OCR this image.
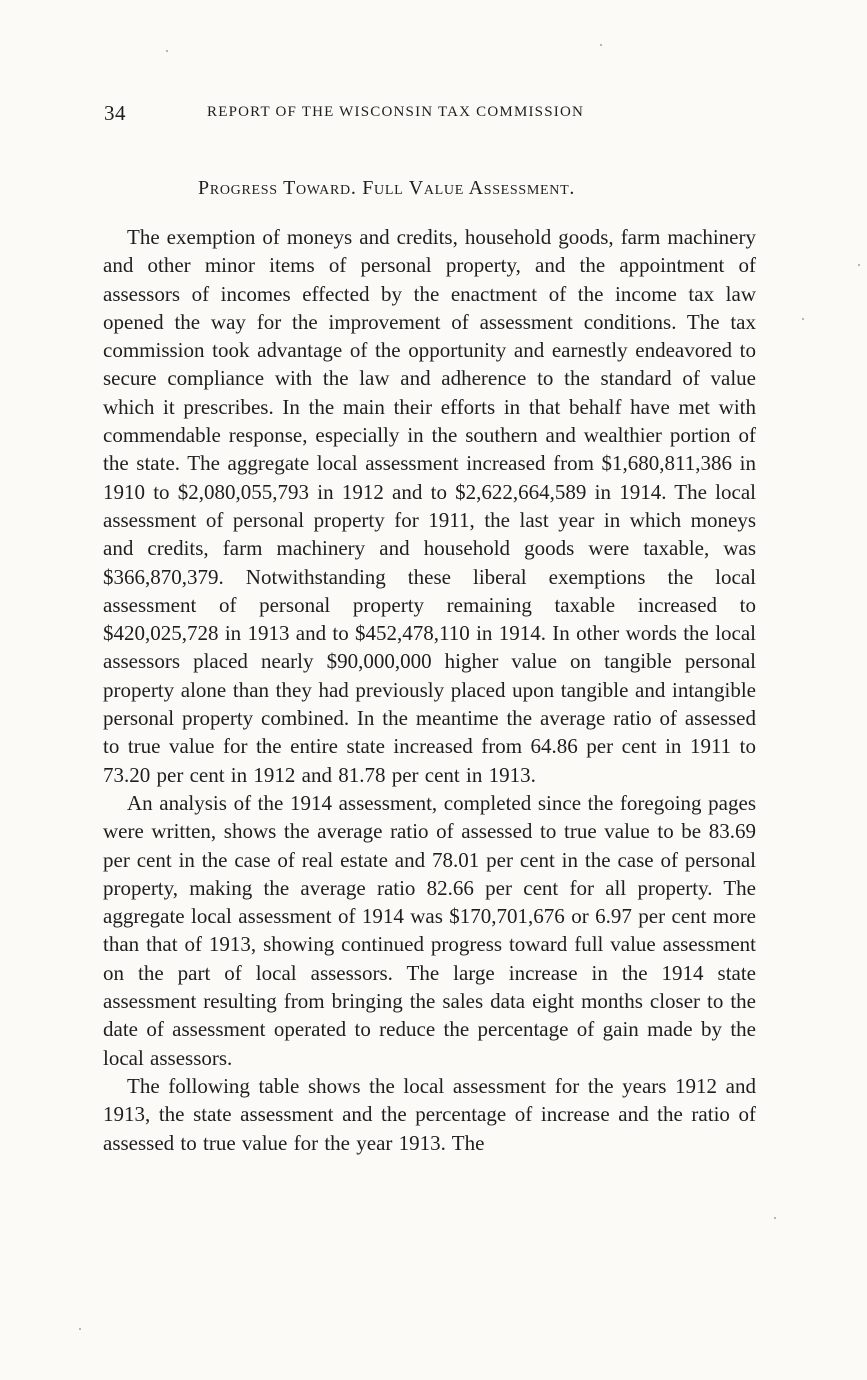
34	REPORT OF THE WISCONSIN TAX COMMISSION
Progress Toward. Full Value Assessment.

The exemption of moneys and credits, household goods, farm machinery and other minor items of personal property, and the appointment of assessors of incomes effected by the enactment of the income tax law opened the way for the improvement of assessment conditions. The tax commission took advantage of the opportunity and earnestly endeavored to secure compliance with the law and adherence to the standard of value which it prescribes. In the main their efforts in that behalf have met with commendable response, especially in the southern and wealthier portion of the state. The aggregate local assessment increased from $1,680,811,386 in 1910 to $2,080,055,793 in 1912 and to $2,622,664,589 in 1914. The local assessment of personal property for 1911, the last year in which moneys and credits, farm machinery and household goods were taxable, was $366,870,379. Notwithstanding these liberal exemptions the local assessment of personal property remaining taxable increased to $420,025,728 in 1913 and to $452,478,110 in 1914. In other words the local assessors placed nearly $90,000,000 higher value on tangible personal property alone than they had previously placed upon tangible and intangible personal property combined. In the meantime the average ratio of assessed to true value for the entire state increased from 64.86 per cent in 1911 to 73.20 per cent in 1912 and 81.78 per cent in 1913.

An analysis of the 1914 assessment, completed since the foregoing pages were written, shows the average ratio of assessed to true value to be 83.69 per cent in the case of real estate and 78.01 per cent in the case of personal property, making the average ratio 82.66 per cent for all property. The aggregate local assessment of 1914 was $170,701,676 or 6.97 per cent more than that of 1913, showing continued progress toward full value assessment on the part of local assessors. The large increase in the 1914 state assessment resulting from bringing the sales data eight months closer to the date of assessment operated to reduce the percentage of gain made by the local assessors.

The following table shows the local assessment for the years 1912 and 1913, the state assessment and the percentage of increase and the ratio of assessed to true value for the year 1913. The
